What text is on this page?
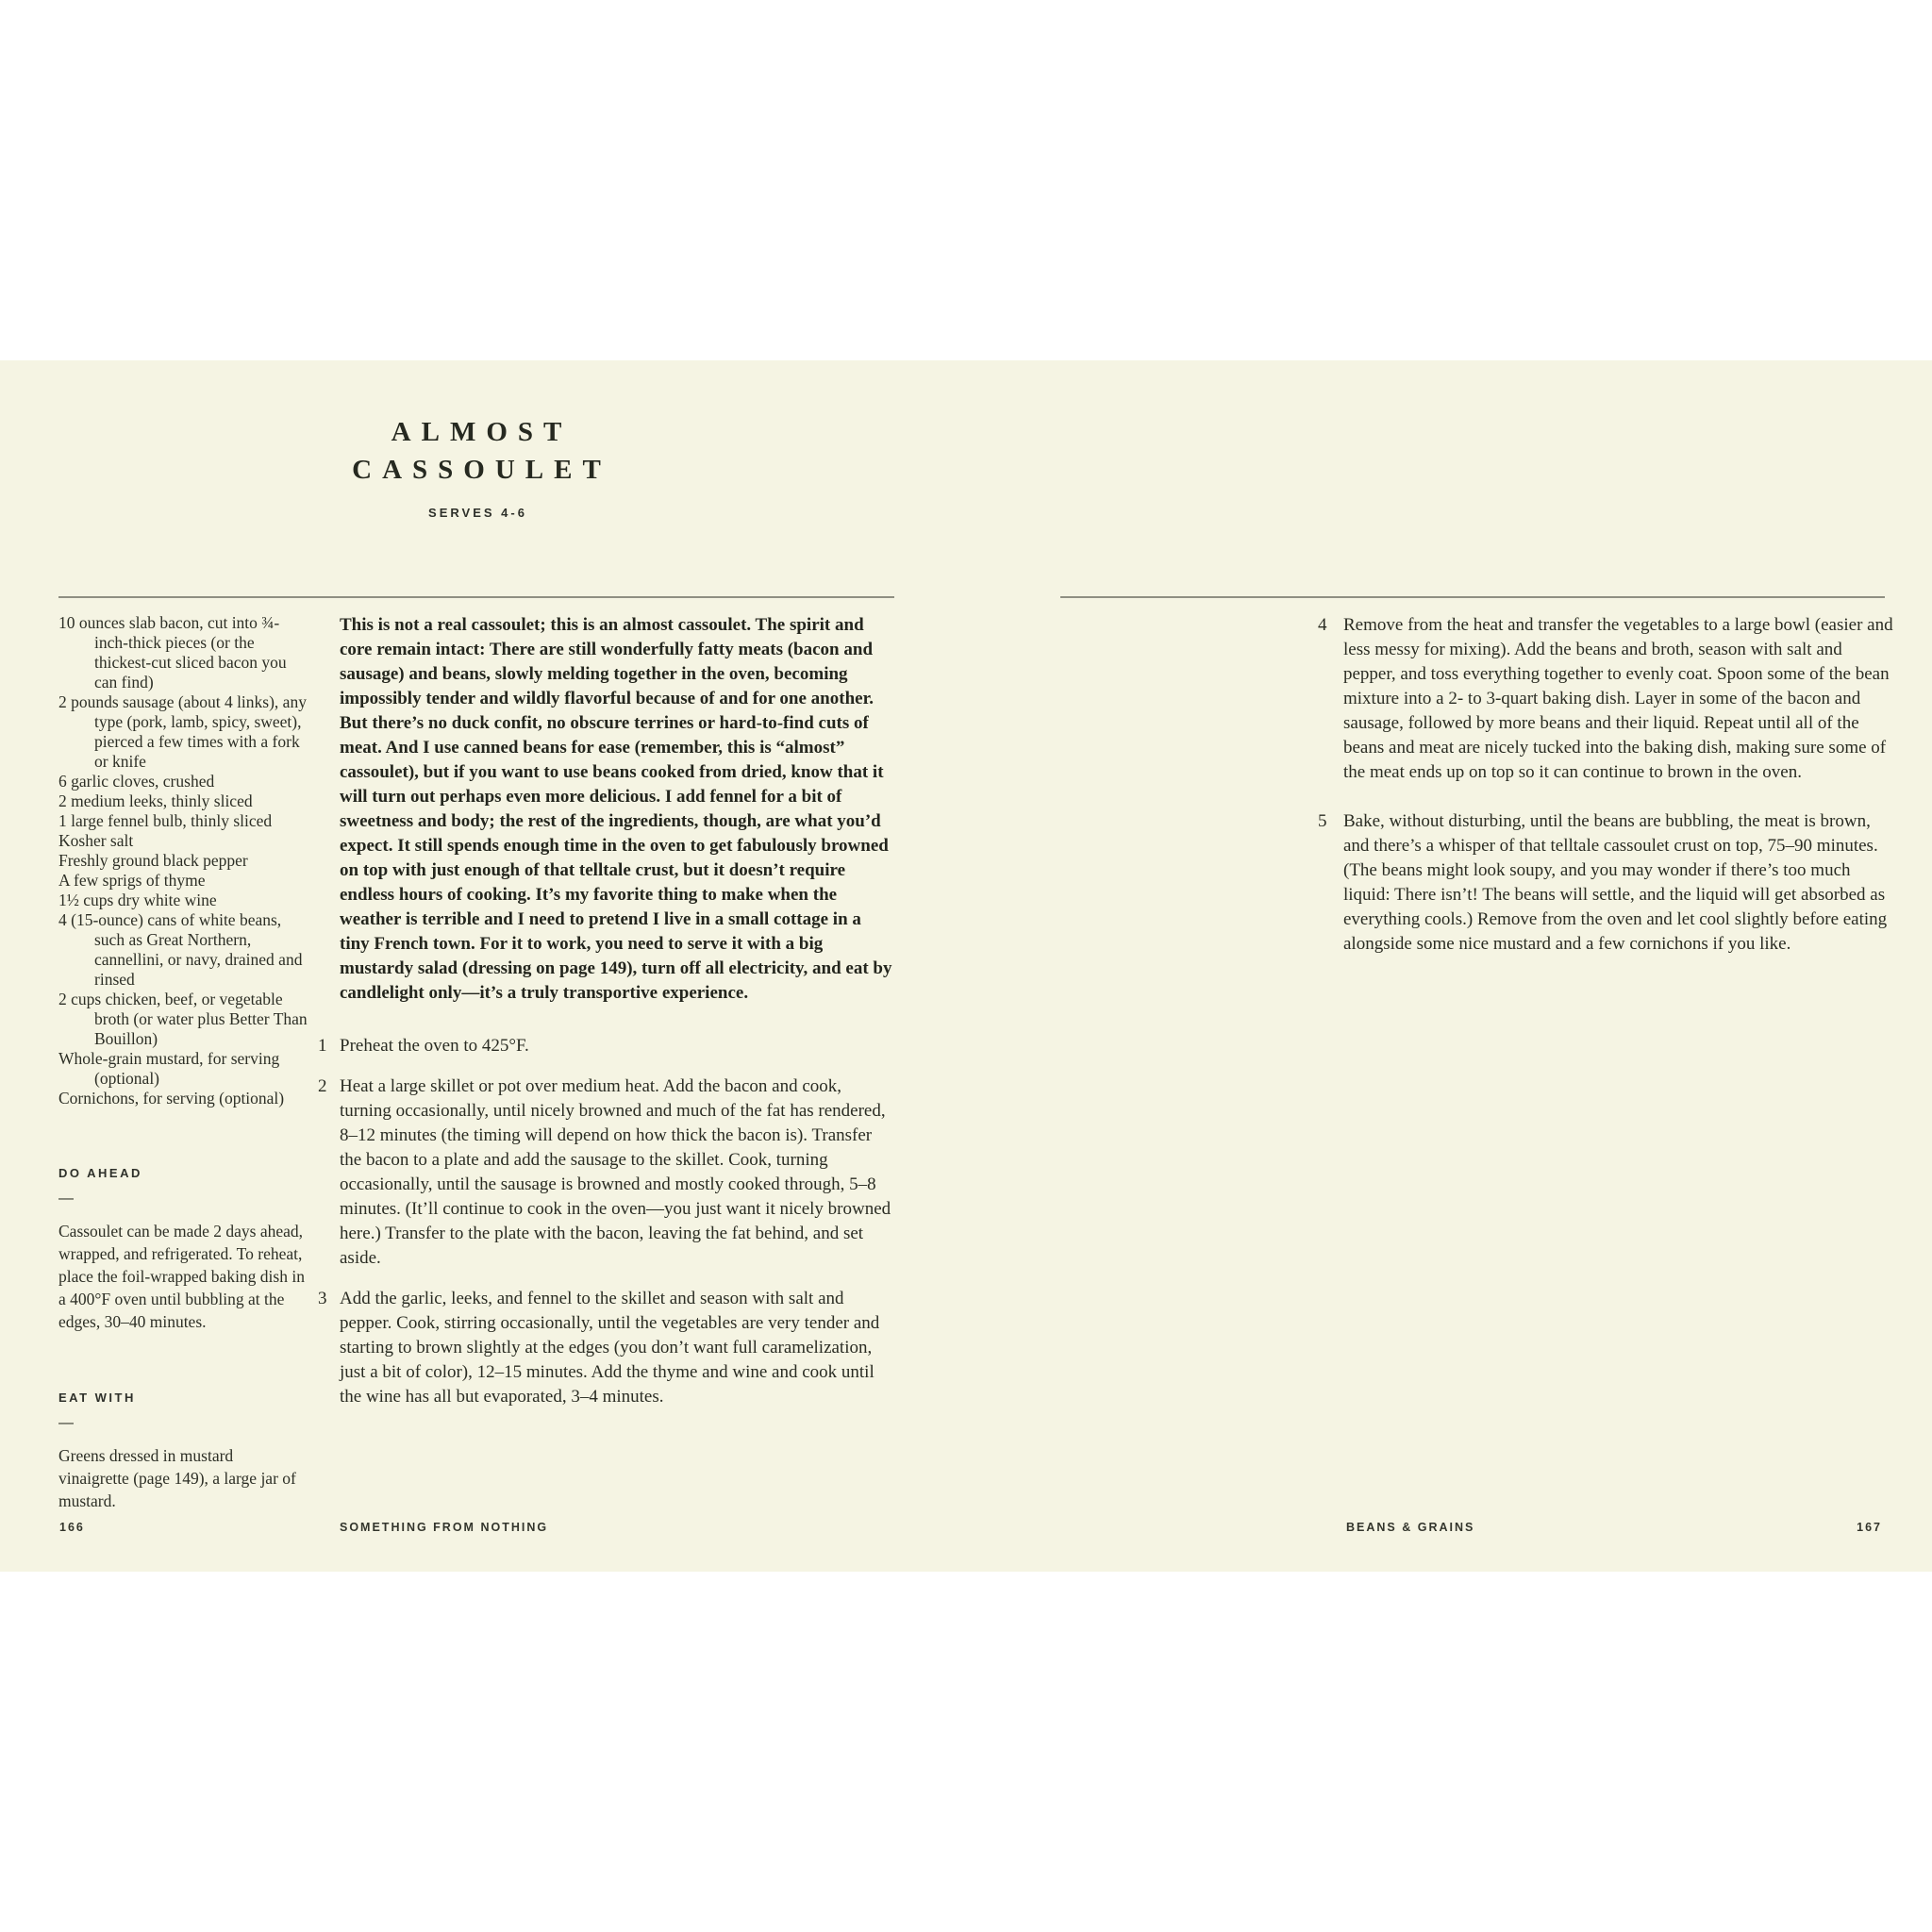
ALMOST
CASSOULET
SERVES 4-6
10 ounces slab bacon, cut into ¾-inch-thick pieces (or the thickest-cut sliced bacon you can find)
2 pounds sausage (about 4 links), any type (pork, lamb, spicy, sweet), pierced a few times with a fork or knife
6 garlic cloves, crushed
2 medium leeks, thinly sliced
1 large fennel bulb, thinly sliced
Kosher salt
Freshly ground black pepper
A few sprigs of thyme
1½ cups dry white wine
4 (15-ounce) cans of white beans, such as Great Northern, cannellini, or navy, drained and rinsed
2 cups chicken, beef, or vegetable broth (or water plus Better Than Bouillon)
Whole-grain mustard, for serving (optional)
Cornichons, for serving (optional)
DO AHEAD
—
Cassoulet can be made 2 days ahead, wrapped, and refrigerated. To reheat, place the foil-wrapped baking dish in a 400°F oven until bubbling at the edges, 30–40 minutes.
EAT WITH
—
Greens dressed in mustard vinaigrette (page 149), a large jar of mustard.
This is not a real cassoulet; this is an almost cassoulet. The spirit and core remain intact: There are still wonderfully fatty meats (bacon and sausage) and beans, slowly melding together in the oven, becoming impossibly tender and wildly flavorful because of and for one another. But there’s no duck confit, no obscure terrines or hard-to-find cuts of meat. And I use canned beans for ease (remember, this is “almost” cassoulet), but if you want to use beans cooked from dried, know that it will turn out perhaps even more delicious. I add fennel for a bit of sweetness and body; the rest of the ingredients, though, are what you’d expect. It still spends enough time in the oven to get fabulously browned on top with just enough of that telltale crust, but it doesn’t require endless hours of cooking. It’s my favorite thing to make when the weather is terrible and I need to pretend I live in a small cottage in a tiny French town. For it to work, you need to serve it with a big mustardy salad (dressing on page 149), turn off all electricity, and eat by candlelight only—it’s a truly transportive experience.
1 Preheat the oven to 425°F.
2 Heat a large skillet or pot over medium heat. Add the bacon and cook, turning occasionally, until nicely browned and much of the fat has rendered, 8–12 minutes (the timing will depend on how thick the bacon is). Transfer the bacon to a plate and add the sausage to the skillet. Cook, turning occasionally, until the sausage is browned and mostly cooked through, 5–8 minutes. (It’ll continue to cook in the oven—you just want it nicely browned here.) Transfer to the plate with the bacon, leaving the fat behind, and set aside.
3 Add the garlic, leeks, and fennel to the skillet and season with salt and pepper. Cook, stirring occasionally, until the vegetables are very tender and starting to brown slightly at the edges (you don’t want full caramelization, just a bit of color), 12–15 minutes. Add the thyme and wine and cook until the wine has all but evaporated, 3–4 minutes.
4 Remove from the heat and transfer the vegetables to a large bowl (easier and less messy for mixing). Add the beans and broth, season with salt and pepper, and toss everything together to evenly coat. Spoon some of the bean mixture into a 2- to 3-quart baking dish. Layer in some of the bacon and sausage, followed by more beans and their liquid. Repeat until all of the beans and meat are nicely tucked into the baking dish, making sure some of the meat ends up on top so it can continue to brown in the oven.
5 Bake, without disturbing, until the beans are bubbling, the meat is brown, and there’s a whisper of that telltale cassoulet crust on top, 75–90 minutes. (The beans might look soupy, and you may wonder if there’s too much liquid: There isn’t! The beans will settle, and the liquid will get absorbed as everything cools.) Remove from the oven and let cool slightly before eating alongside some nice mustard and a few cornichons if you like.
166	SOMETHING FROM NOTHING	BEANS & GRAINS	167
